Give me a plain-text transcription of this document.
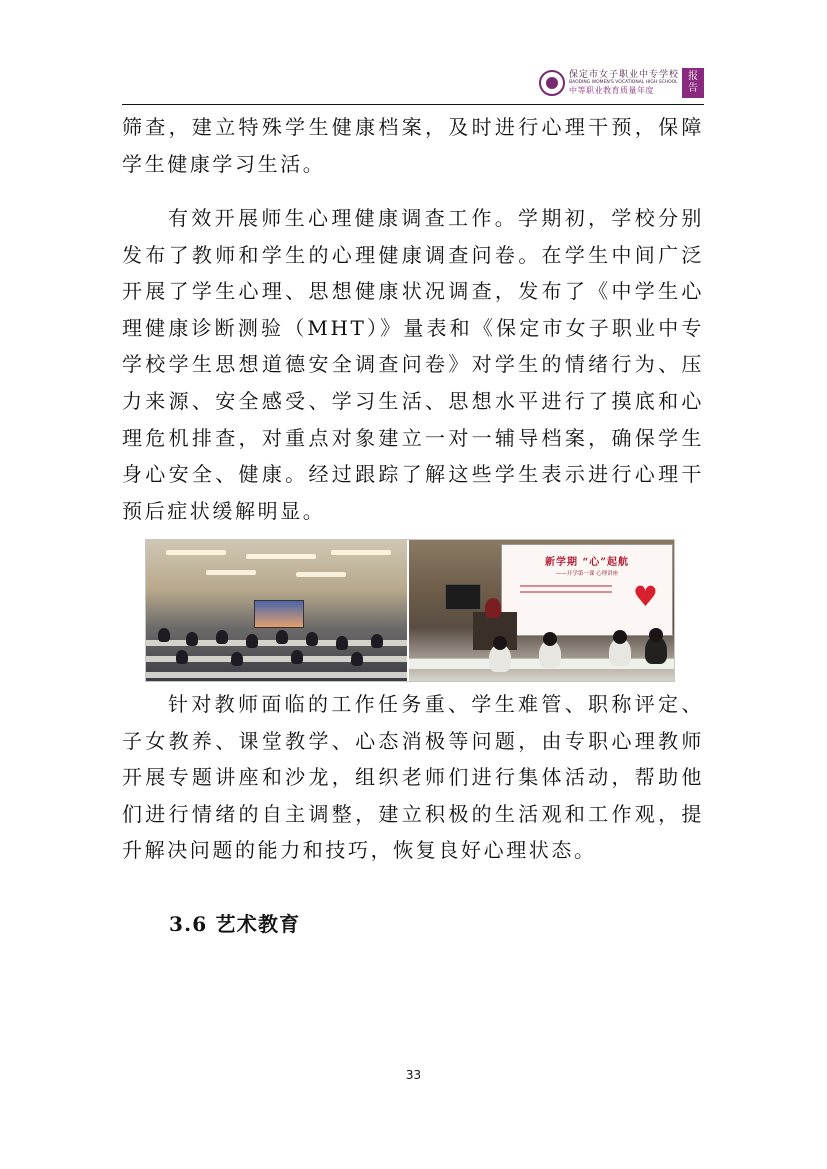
保定市女子职业中专学校
BAODING WOMEN'S VOCATIONAL HIGH SCHOOL
中等职业教育质量年度
报
告

筛查，建立特殊学生健康档案，及时进行心理干预，保障学生健康学习生活。

有效开展师生心理健康调查工作。学期初，学校分别发布了教师和学生的心理健康调查问卷。在学生中间广泛开展了学生心理、思想健康状况调查，发布了《中学生心理健康诊断测验（MHT）》量表和《保定市女子职业中专学校学生思想道德安全调查问卷》对学生的情绪行为、压力来源、安全感受、学习生活、思想水平进行了摸底和心理危机排查，对重点对象建立一对一辅导档案，确保学生身心安全、健康。经过跟踪了解这些学生表示进行心理干预后症状缓解明显。

新学期 “心”起航
——开学第一课 心理讲座
♥

针对教师面临的工作任务重、学生难管、职称评定、子女教养、课堂教学、心态消极等问题，由专职心理教师开展专题讲座和沙龙，组织老师们进行集体活动，帮助他们进行情绪的自主调整，建立积极的生活观和工作观，提升解决问题的能力和技巧，恢复良好心理状态。

3.6 艺术教育
33
